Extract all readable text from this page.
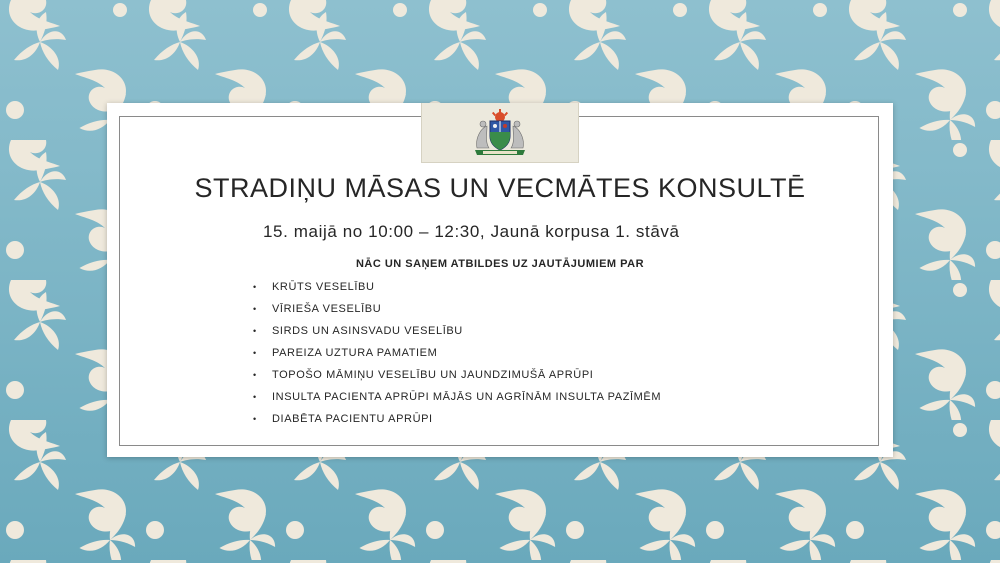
STRADIŅU MĀSAS UN VECMĀTES KONSULTĒ
15. maijā no 10:00 – 12:30, Jaunā korpusa 1. stāvā
NĀC UN SAŅEM ATBILDES UZ JAUTĀJUMIEM PAR
• KRŪTS VESELĪBU
• VĪRIEŠA VESELĪBU
• SIRDS UN ASINSVADU VESELĪBU
• PAREIZA UZTURA PAMATIEM
• TOPOŠO MĀMIŅU VESELĪBU UN JAUNDZIMUŠĀ APRŪPI
• INSULTA PACIENTA APRŪPI MĀJĀS UN AGRĪNĀM INSULTA PAZĪMĒM
• DIABĒTA PACIENTU APRŪPI
